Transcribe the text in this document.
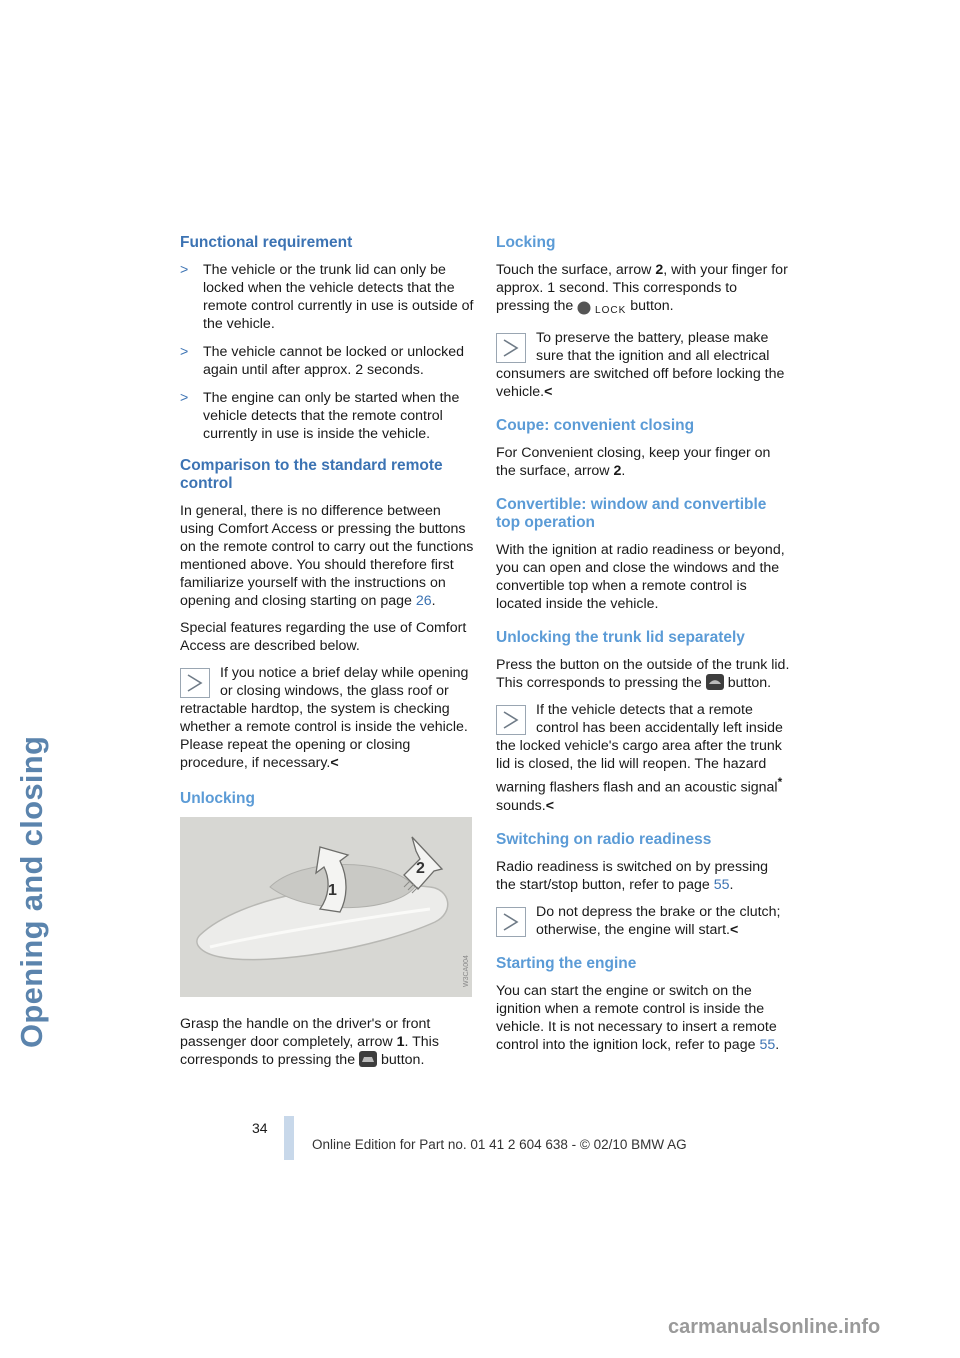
Opening and closing
Functional requirement
>	The vehicle or the trunk lid can only be locked when the vehicle detects that the remote control currently in use is outside of the vehicle.
>	The vehicle cannot be locked or unlocked again until after approx. 2 seconds.
>	The engine can only be started when the vehicle detects that the remote control currently in use is inside the vehicle.
Comparison to the standard remote control

In general, there is no difference between using Comfort Access or pressing the buttons on the remote control to carry out the functions mentioned above. You should therefore first familiarize yourself with the instructions on opening and closing starting on page 26.

Special features regarding the use of Comfort Access are described below.

If you notice a brief delay while opening or closing windows, the glass roof or retractable hardtop, the system is checking whether a remote control is inside the vehicle. Please repeat the opening or closing procedure, if necessary.<
Unlocking
1
2
W3CA004

Grasp the handle on the driver's or front passenger door completely, arrow 1. This corresponds to pressing the button.

Locking

Touch the surface, arrow 2, with your finger for approx. 1 second. This corresponds to pressing the LOCK button.

To preserve the battery, please make sure that the ignition and all electrical consumers are switched off before locking the vehicle.<
Coupe: convenient closing

For Convenient closing, keep your finger on the surface, arrow 2.

Convertible: window and convertible top operation

With the ignition at radio readiness or beyond, you can open and close the windows and the convertible top when a remote control is located inside the vehicle.

Unlocking the trunk lid separately

Press the button on the outside of the trunk lid. This corresponds to pressing the button.

If the vehicle detects that a remote control has been accidentally left inside the locked vehicle's cargo area after the trunk lid is closed, the lid will reopen. The hazard warning flashers flash and an acoustic signal* sounds.<
Switching on radio readiness

Radio readiness is switched on by pressing the start/stop button, refer to page 55.

Do not depress the brake or the clutch; otherwise, the engine will start.<
Starting the engine

You can start the engine or switch on the ignition when a remote control is inside the vehicle. It is not necessary to insert a remote control into the ignition lock, refer to page 55.

34
Online Edition for Part no. 01 41 2 604 638 - © 02/10 BMW AG
carmanualsonline.info
